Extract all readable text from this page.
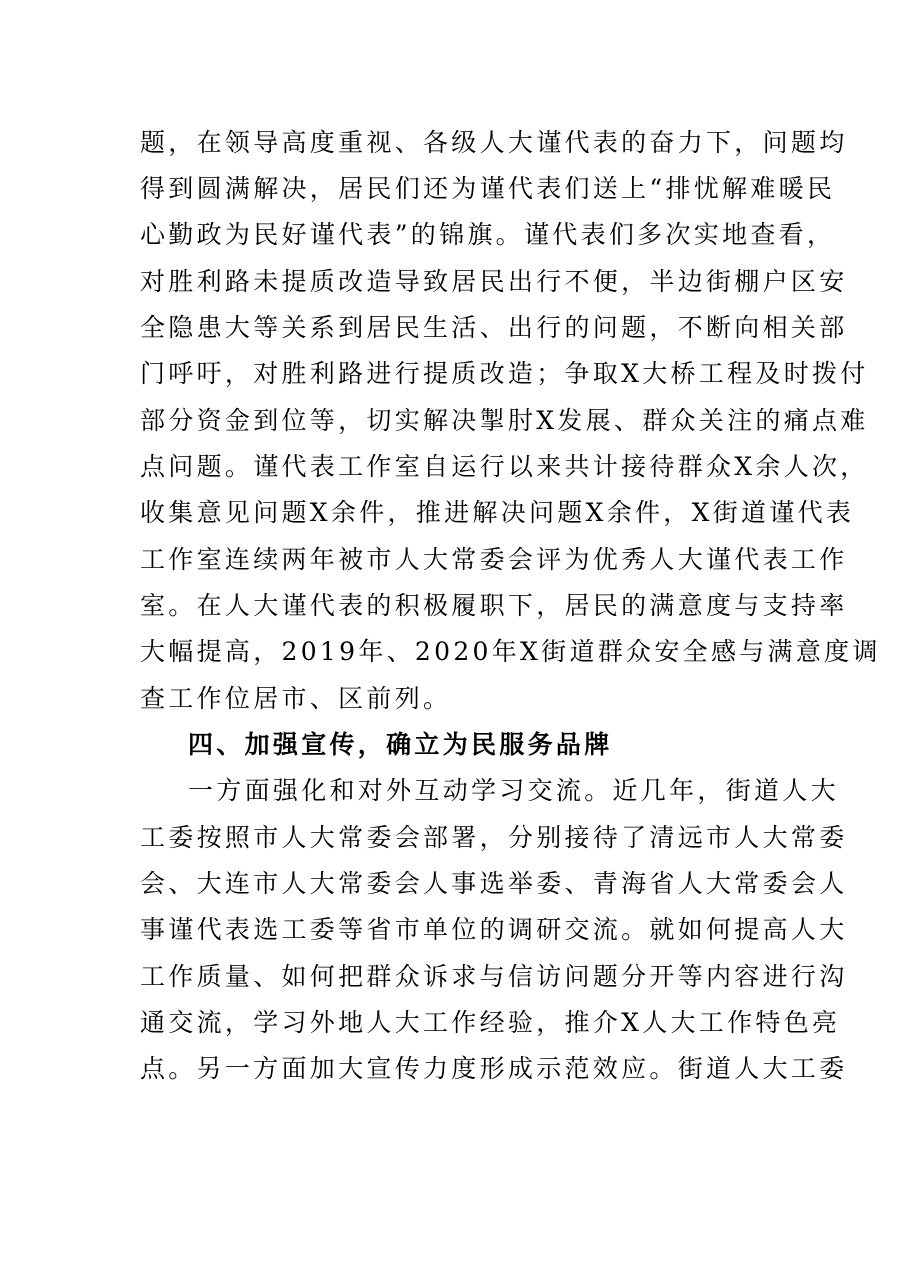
题，在领导高度重视、各级人大谨代表的奋力下，问题均
得到圆满解决，居民们还为谨代表们送上“排忧解难暖民
心勤政为民好谨代表”的锦旗。谨代表们多次实地查看，
对胜利路未提质改造导致居民出行不便，半边街棚户区安
全隐患大等关系到居民生活、出行的问题，不断向相关部
门呼吁，对胜利路进行提质改造；争取X大桥工程及时拨付
部分资金到位等，切实解决掣肘X发展、群众关注的痛点难
点问题。谨代表工作室自运行以来共计接待群众X余人次，
收集意见问题X余件，推进解决问题X余件，X街道谨代表
工作室连续两年被市人大常委会评为优秀人大谨代表工作
室。在人大谨代表的积极履职下，居民的满意度与支持率
大幅提高，2019年、2020年X街道群众安全感与满意度调
查工作位居市、区前列。
四、加强宣传，确立为民服务品牌
一方面强化和对外互动学习交流。近几年，街道人大
工委按照市人大常委会部署，分别接待了清远市人大常委
会、大连市人大常委会人事选举委、青海省人大常委会人
事谨代表选工委等省市单位的调研交流。就如何提高人大
工作质量、如何把群众诉求与信访问题分开等内容进行沟
通交流，学习外地人大工作经验，推介X人大工作特色亮
点。另一方面加大宣传力度形成示范效应。街道人大工委
